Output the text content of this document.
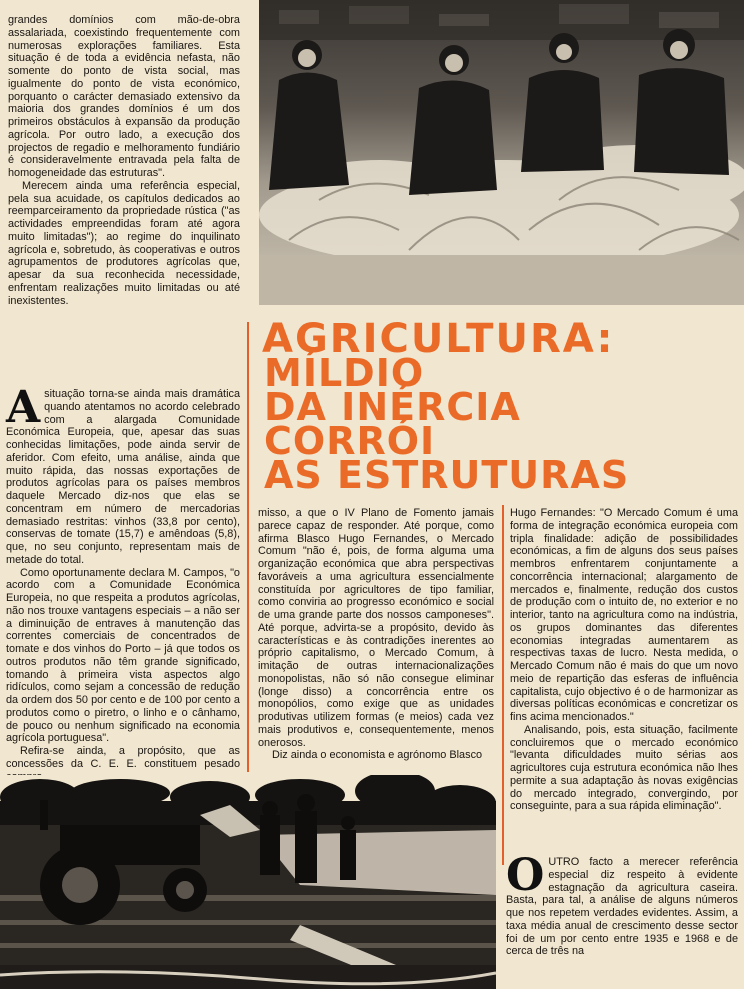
grandes domínios com mão-de-obra assalariada, coexistindo frequentemente com numerosas explorações familiares. Esta situação é de toda a evidência nefasta, não somente do ponto de vista social, mas igualmente do ponto de vista económico, porquanto o carácter demasiado extensivo da maioria dos grandes domínios é um dos primeiros obstáculos à expansão da produção agrícola. Por outro lado, a execução dos projectos de regadio e melhoramento fundiário é consideravelmente entravada pela falta de homogeneidade das estruturas".

Merecem ainda uma referência especial, pela sua acuidade, os capítulos dedicados ao reemparceiramento da propriedade rústica ("as actividades empreendidas foram até agora muito limitadas"); ao regime do inquilinato agrícola e, sobretudo, às cooperativas e outros agrupamentos de produtores agrícolas que, apesar da sua reconhecida necessidade, enfrentam realizações muito limitadas ou até inexistentes.

AGRICULTURA:
MÍLDIO
DA INÉRCIA
CORRÓI
AS ESTRUTURAS

Asituação torna-se ainda mais dramática quando atentamos no acordo celebrado com a alargada Comunidade Económica Europeia, que, apesar das suas conhecidas limitações, pode ainda servir de aferidor. Com efeito, uma análise, ainda que muito rápida, das nossas exportações de produtos agrícolas para os países membros daquele Mercado diz-nos que elas se concentram em número de mercadorias demasiado restritas: vinhos (33,8 por cento), conservas de tomate (15,7) e amêndoas (5,8), que, no seu conjunto, representam mais de metade do total.

Como oportunamente declara M. Campos, "o acordo com a Comunidade Económica Europeia, no que respeita a produtos agrícolas, não nos trouxe vantagens especiais – a não ser a diminuição de entraves à manutenção das correntes comerciais de concentrados de tomate e dos vinhos do Porto – já que todos os outros produtos não têm grande significado, tomando à primeira vista aspectos algo ridículos, como sejam a concessão de redução da ordem dos 50 por cento e de 100 por cento a produtos como o piretro, o linho e o cânhamo, de pouco ou nenhum significado na economia agrícola portuguesa".

Refira-se ainda, a propósito, que as concessões da C. E. E. constituem pesado

misso, a que o IV Plano de Fomento jamais parece capaz de responder. Até porque, como afirma Blasco Hugo Fernandes, o Mercado Comum "não é, pois, de forma alguma uma organização económica que abra perspectivas favoráveis a uma agricultura essencialmente constituída por agricultores de tipo familiar, como conviria ao progresso económico e social de uma grande parte dos nossos camponeses". Até porque, advirta-se a propósito, devido às características e às contradições inerentes ao próprio capitalismo, o Mercado Comum, à imitação de outras internacionalizações monopolistas, não só não consegue eliminar (longe disso) a concorrência entre os monopólios, como exige que as unidades produtivas utilizem formas (e meios) cada vez mais produtivos e, consequentemente, menos onerosos.

Diz ainda o economista e agrónomo Blasco

Hugo Fernandes: "O Mercado Comum é uma forma de integração económica europeia com tripla finalidade: adição de possibilidades económicas, a fim de alguns dos seus países membros enfrentarem conjuntamente a concorrência internacional; alargamento de mercados e, finalmente, redução dos custos de produção com o intuito de, no exterior e no interior, tanto na agricultura como na indústria, os grupos dominantes das diferentes economias integradas aumentarem as respectivas taxas de lucro. Nesta medida, o Mercado Comum não é mais do que um novo meio de repartição das esferas de influência capitalista, cujo objectivo é o de harmonizar as diversas políticas económicas e concretizar os fins acima mencionados."

Analisando, pois, esta situação, facilmente concluiremos que o mercado económico "levanta dificuldades muito sérias aos agricultores cuja estrutura económica não lhes permite a sua adaptação às novas exigências do mercado integrado, convergindo, por conseguinte, para a sua rápida eliminação".

OUTRO facto a merecer referência especial diz respeito à evidente estagnação da agricultura caseira. Basta, para tal, a análise de alguns números que nos repetem verdades evidentes. Assim, a taxa média anual de crescimento desse sector foi de um por cento entre 1935 e 1968 e de cerca de três na
